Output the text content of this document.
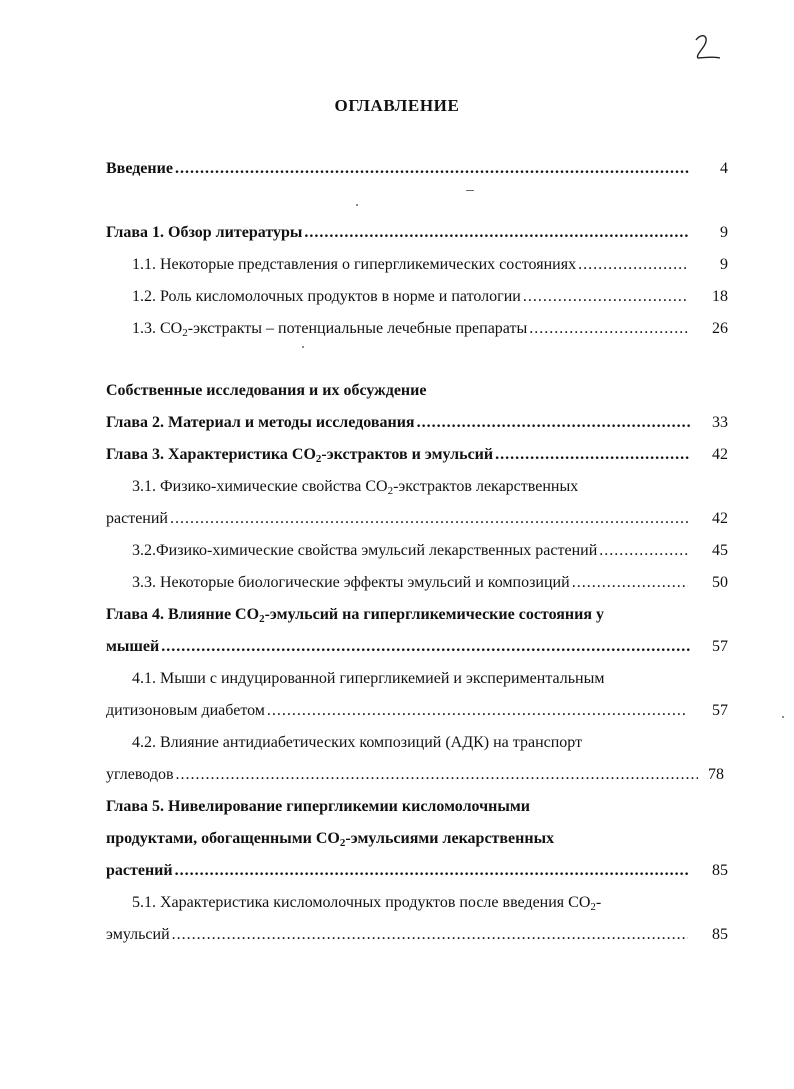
ОГЛАВЛЕНИЕ
Введение .....	4
Глава 1. Обзор литературы .....	9
1.1. Некоторые представления о гипергликемических состояниях .....	9
1.2. Роль кисломолочных продуктов в норме и патологии .....	18
1.3. $CO_2$-экстракты – потенциальные лечебные препараты .....	26
Собственные исследования и их обсуждение
Глава 2. Материал и методы исследования .....	33
Глава 3. Характеристика $CO_2$-экстрактов и эмульсий .....	42
3.1. Физико-химические свойства $CO_2$-экстрактов лекарственных
растений .....	42
3.2.Физико-химические свойства эмульсий лекарственных растений .....	45
3.3. Некоторые биологические эффекты эмульсий и композиций .....	50
Глава 4. Влияние $CO_2$-эмульсий на гипергликемические состояния у
мышей .....	57
4.1. Мыши с индуцированной гипергликемией и экспериментальным
дитизоновым диабетом .....	57
4.2. Влияние антидиабетических композиций (АДК) на транспорт
углеводов .....	78
Глава 5. Нивелирование гипергликемии кисломолочными
продуктами, обогащенными $CO_2$-эмульсиями лекарственных
растений .....	85
5.1. Характеристика кисломолочных продуктов после введения $CO_2-$
эмульсий .....	85
